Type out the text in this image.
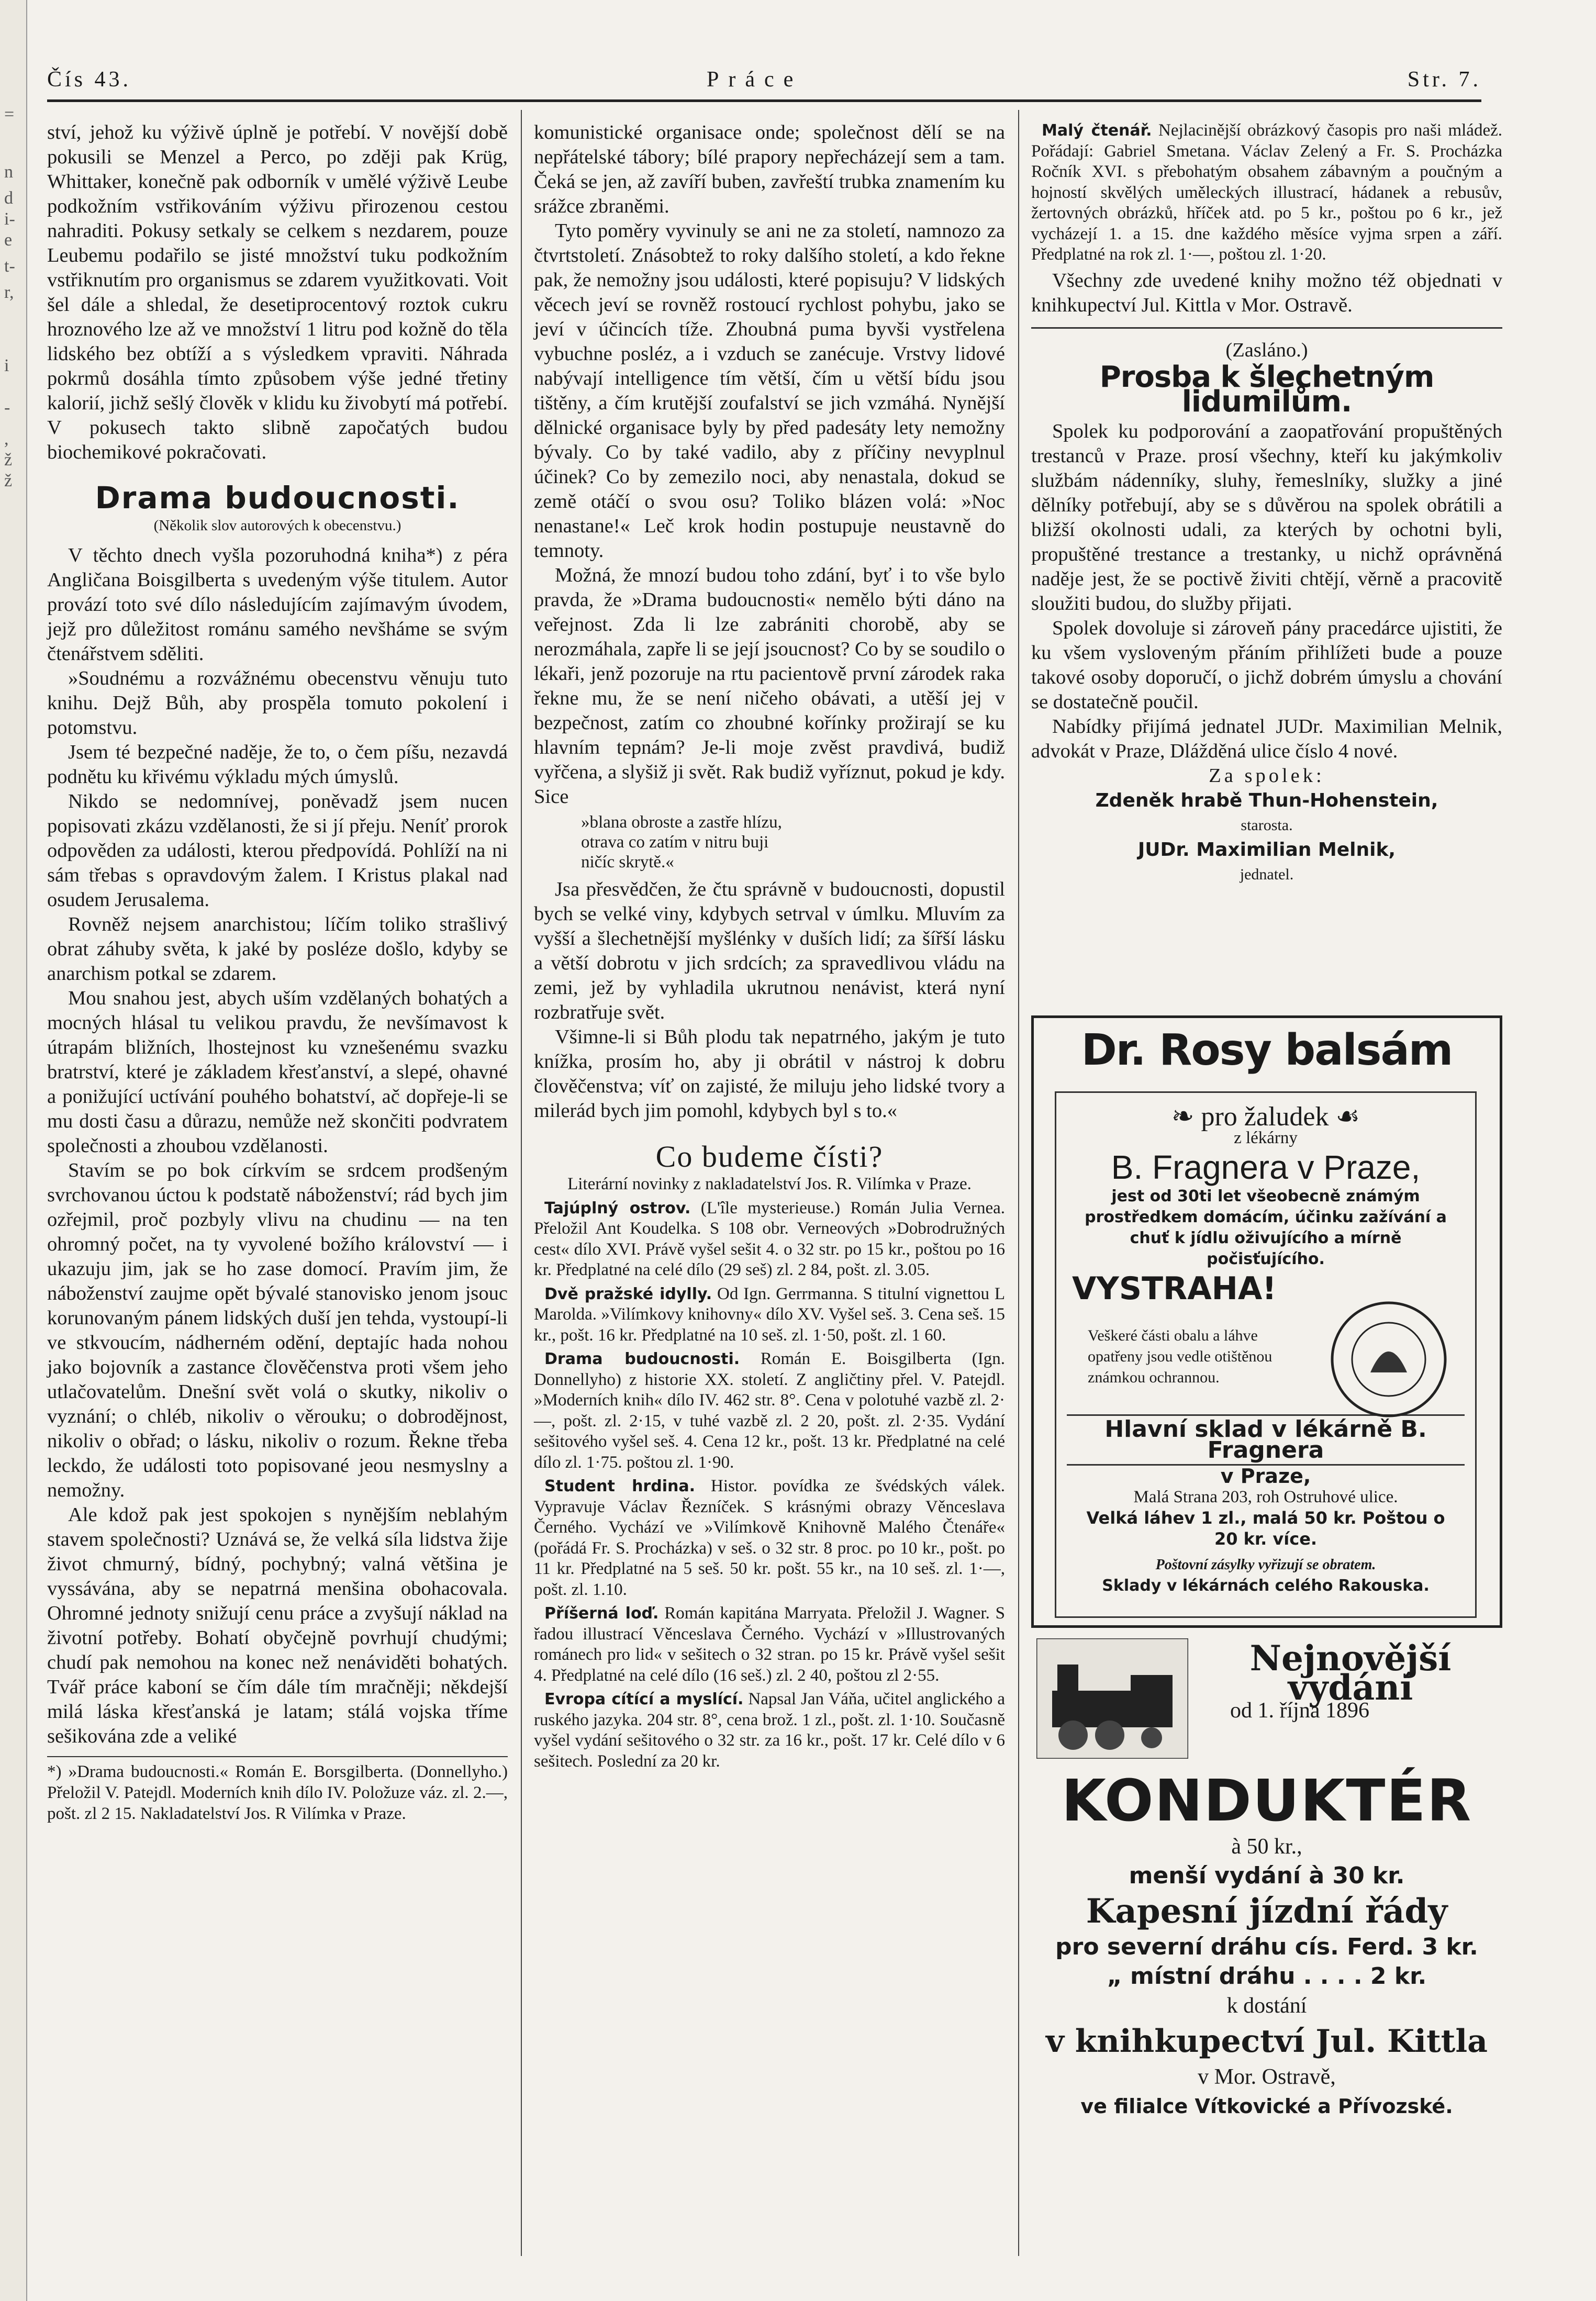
=
n
d
i-
e
t-
r,
i
-
,
ž
ž
Čís 43.	Práce	Str. 7.

ství, jehož ku výživě úplně je potřebí. V novější době pokusili se Menzel a Perco, po zději pak Krüg, Whittaker, konečně pak odborník v umělé výživě Leube podkožním vstřikováním výživu přirozenou cestou nahraditi. Pokusy setkaly se celkem s nezdarem, pouze Leubemu podařilo se jisté množství tuku podkožním vstřiknutím pro organismus se zdarem využitkovati. Voit šel dále a shledal, že desetiprocentový roztok cukru hroznového lze až ve množství 1 litru pod kožně do těla lidského bez obtíží a s výsledkem vpraviti. Náhrada pokrmů dosáhla tímto způsobem výše jedné třetiny kalorií, jichž sešlý člověk v klidu ku živobytí má potřebí. V pokusech takto slibně započatých budou biochemikové pokračovati.

Drama budoucnosti.
(Několik slov autorových k obecenstvu.)

V těchto dnech vyšla pozoruhodná kniha*) z péra Angličana Boisgilberta s uvedeným výše titulem. Autor provází toto své dílo následujícím zajímavým úvodem, jejž pro důležitost románu samého nevšháme se svým čtenářstvem sděliti.

»Soudnému a rozvážnému obecenstvu věnuju tuto knihu. Dejž Bůh, aby prospěla tomuto pokolení i potomstvu.

Jsem té bezpečné naděje, že to, o čem píšu, nezavdá podnětu ku křivému výkladu mých úmyslů.

Nikdo se nedomnívej, poněvadž jsem nucen popisovati zkázu vzdělanosti, že si jí přeju. Neníť prorok odpověden za události, kterou předpovídá. Pohlíží na ni sám třebas s opravdovým žalem. I Kristus plakal nad osudem Jerusalema.

Rovněž nejsem anarchistou; líčím toliko strašlivý obrat záhuby světa, k jaké by posléze došlo, kdyby se anarchism potkal se zdarem.

Mou snahou jest, abych uším vzdělaných bohatých a mocných hlásal tu velikou pravdu, že nevšímavost k útrapám bližních, lhostejnost ku vznešenému svazku bratrství, které je základem křesťanství, a slepé, ohavné a ponižující uctívání pouhého bohatství, ač dopřeje-li se mu dosti času a důrazu, nemůže než skončiti podvratem společnosti a zhoubou vzdělanosti.

Stavím se po bok církvím se srdcem prodšeným svrchovanou úctou k podstatě náboženství; rád bych jim ozřejmil, proč pozbyly vlivu na chudinu — na ten ohromný počet, na ty vyvolené božího království — i ukazuju jim, jak se ho zase domocí. Pravím jim, že náboženství zaujme opět bývalé stanovisko jenom jsouc korunovaným pánem lidských duší jen tehda, vystoupí-li ve stkvoucím, nádherném odění, deptajíc hada nohou jako bojovník a zastance člověčenstva proti všem jeho utlačovatelům. Dnešní svět volá o skutky, nikoliv o vyznání; o chléb, nikoliv o věrouku; o dobrodějnost, nikoliv o obřad; o lásku, nikoliv o rozum. Řekne třeba leckdo, že události toto popisované jeou nesmyslny a nemožny.

Ale kdož pak jest spokojen s nynějším neblahým stavem společnosti? Uznává se, že velká síla lidstva žije život chmurný, bídný, pochybný; valná většina je vyssávána, aby se nepatrná menšina obohacovala. Ohromné jednoty snižují cenu práce a zvyšují náklad na životní potřeby. Bohatí obyčejně povrhují chudými; chudí pak nemohou na konec než nenáviděti bohatých. Tvář práce kaboní se čím dále tím mračněji; někdejší milá láska křesťanská je latam; stálá vojska tříme sešikována zde a veliké

*) »Drama budoucnosti.« Román E. Borsgilberta. (Donnellyho.) Přeložil V. Patejdl. Moderních knih dílo IV. Položuze váz. zl. 2.—, pošt. zl 2 15. Nakladatelství Jos. R Vilímka v Praze.

komunistické organisace onde; společnost dělí se na nepřátelské tábory; bílé prapory nepřecházejí sem a tam. Čeká se jen, až zavíří buben, zavřeští trubka znamením ku srážce zbraněmi.

Tyto poměry vyvinuly se ani ne za století, namnozo za čtvrtstoletí. Znásobtež to roky dalšího století, a kdo řekne pak, že nemožny jsou události, které popisuju? V lidských věcech jeví se rovněž rostoucí rychlost pohybu, jako se jeví v účincích tíže. Zhoubná puma byvši vystřelena vybuchne posléz, a i vzduch se zanécuje. Vrstvy lidové nabývají intelligence tím větší, čím u větší bídu jsou tištěny, a čím krutější zoufalství se jich vzmáhá. Nynější dělnické organisace byly by před padesáty lety nemožny bývaly. Co by také vadilo, aby z příčiny nevyplnul účinek? Co by zemezilo noci, aby nenastala, dokud se země otáčí o svou osu? Toliko blázen volá: »Noc nenastane!« Leč krok hodin postupuje neustavně do temnoty.

Možná, že mnozí budou toho zdání, byť i to vše bylo pravda, že »Drama budoucnosti« nemělo býti dáno na veřejnost. Zda li lze zabrániti chorobě, aby se nerozmáhala, zapře li se její jsoucnost? Co by se soudilo o lékaři, jenž pozoruje na rtu pacientově první zárodek raka řekne mu, že se není ničeho obávati, a utěší jej v bezpečnost, zatím co zhoubné kořínky prožirají se ku hlavním tepnám? Je-li moje zvěst pravdivá, budiž vyřčena, a slyšiž ji svět. Rak budiž vyříznut, pokud je kdy. Sice

»blana obroste a zastře hlízu,
otrava co zatím v nitru buji
ničíc skrytě.«

Jsa přesvědčen, že čtu správně v budoucnosti, dopustil bych se velké viny, kdybych setrval v úmlku. Mluvím za vyšší a šlechetnější myšlénky v duších lidí; za šířší lásku a větší dobrotu v jich srdcích; za spravedlivou vládu na zemi, jež by vyhladila ukrutnou nenávist, která nyní rozbratřuje svět.

Všimne-li si Bůh plodu tak nepatrného, jakým je tuto knížka, prosím ho, aby ji obrátil v nástroj k dobru člověčenstva; víť on zajisté, že miluju jeho lidské tvory a milerád bych jim pomohl, kdybych byl s to.«

Co budeme čísti?

Literární novinky z nakladatelství Jos. R. Vilímka v Praze.

Tajúplný ostrov. (L'île mysterieuse.) Román Julia Vernea. Přeložil Ant Koudelka. S 108 obr. Verneových »Dobrodružných cest« dílo XVI. Právě vyšel sešit 4. o 32 str. po 15 kr., poštou po 16 kr. Předplatné na celé dílo (29 seš) zl. 2 84, pošt. zl. 3.05.

Dvě pražské idylly. Od Ign. Gerrmanna. S titulní vignettou L Marolda. »Vilímkovy knihovny« dílo XV. Vyšel seš. 3. Cena seš. 15 kr., pošt. 16 kr. Předplatné na 10 seš. zl. 1·50, pošt. zl. 1 60.

Drama budoucnosti. Román E. Boisgilberta (Ign. Donnellyho) z historie XX. století. Z angličtiny přel. V. Patejdl. »Moderních knih« dílo IV. 462 str. 8°. Cena v polotuhé vazbě zl. 2·—, pošt. zl. 2·15, v tuhé vazbě zl. 2 20, pošt. zl. 2·35. Vydání sešitového vyšel seš. 4. Cena 12 kr., pošt. 13 kr. Předplatné na celé dílo zl. 1·75. poštou zl. 1·90.

Student hrdina. Histor. povídka ze švédských válek. Vypravuje Václav Řezníček. S krásnými obrazy Věnceslava Černého. Vychází ve »Vilímkově Knihovně Malého Čtenáře« (pořádá Fr. S. Procházka) v seš. o 32 str. 8 proc. po 10 kr., pošt. po 11 kr. Předplatné na 5 seš. 50 kr. pošt. 55 kr., na 10 seš. zl. 1·—, pošt. zl. 1.10.

Příšerná loď. Román kapitána Marryata. Přeložil J. Wagner. S řadou illustrací Věnceslava Černého. Vychází v »Illustrovaných románech pro lid« v sešitech o 32 stran. po 15 kr. Právě vyšel sešit 4. Předplatné na celé dílo (16 seš.) zl. 2 40, poštou zl 2·55.

Evropa cítící a myslící. Napsal Jan Váňa, učitel anglického a ruského jazyka. 204 str. 8°, cena brož. 1 zl., pošt. zl. 1·10. Současně vyšel vydání sešitového o 32 str. za 16 kr., pošt. 17 kr. Celé dílo v 6 sešitech. Poslední za 20 kr.

Malý čtenář. Nejlacinější obrázkový časopis pro naši mládež. Pořádají: Gabriel Smetana. Václav Zelený a Fr. S. Procházka Ročník XVI. s přebohatým obsahem zábavným a poučným a hojností skvělých uměleckých illustrací, hádanek a rebusův, žertovných obrázků, hříček atd. po 5 kr., poštou po 6 kr., jež vycházejí 1. a 15. dne každého měsíce vyjma srpen a září. Předplatné na rok zl. 1·—, poštou zl. 1·20.

Všechny zde uvedené knihy možno též objednati v knihkupectví Jul. Kittla v Mor. Ostravě.

(Zasláno.)
Prosba k šlechetným lidumilům.

Spolek ku podporování a zaopatřování propuštěných trestanců v Praze. prosí všechny, kteří ku jakýmkoliv službám nádenníky, sluhy, řemeslníky, služky a jiné dělníky potřebují, aby se s důvěrou na spolek obrátili a bližší okolnosti udali, za kterých by ochotni byli, propuštěné trestance a trestanky, u nichž oprávněná naděje jest, že se poctivě živiti chtějí, věrně a pracovitě sloužiti budou, do služby přijati.

Spolek dovoluje si zároveň pány pracedárce ujistiti, že ku všem vysloveným přáním přihlížeti bude a pouze takové osoby doporučí, o jichž dobrém úmyslu a chování se dostatečně poučil.

Nabídky přijímá jednatel JUDr. Maximilian Melnik, advokát v Praze, Dlážděná ulice číslo 4 nové.

Za spolek:
Zdeněk hrabě Thun-Hohenstein,
starosta.
JUDr. Maximilian Melnik,
jednatel.
Dr. Rosy balsám
❧ pro žaludek ☙
z lékárny
B. Fragnera v Praze,
jest od 30ti let všeobecně známým prostředkem domácím, účinku zažívání a chuť k jídlu oživujícího a mírně počisťujícího.
VYSTRAHA!
Veškeré části obalu a láhve opatřeny jsou vedle otištěnou známkou ochrannou.
Hlavní sklad v lékárně B. Fragnera
v Praze,
Malá Strana 203, roh Ostruhové ulice.
Velká láhev 1 zl., malá 50 kr. Poštou o 20 kr. více.
Poštovní zásylky vyřizují se obratem.
Sklady v lékárnách celého Rakouska.
Nejnovější vydání
od 1. října 1896
KONDUKTÉR
à 50 kr.,
menší vydání à 30 kr.
Kapesní jízdní řády
pro severní dráhu cís. Ferd. 3 kr.
„ místní dráhu . . . . 2 kr.
k dostání
v knihkupectví Jul. Kittla
v Mor. Ostravě,
ve filialce Vítkovické a Přívozské.
